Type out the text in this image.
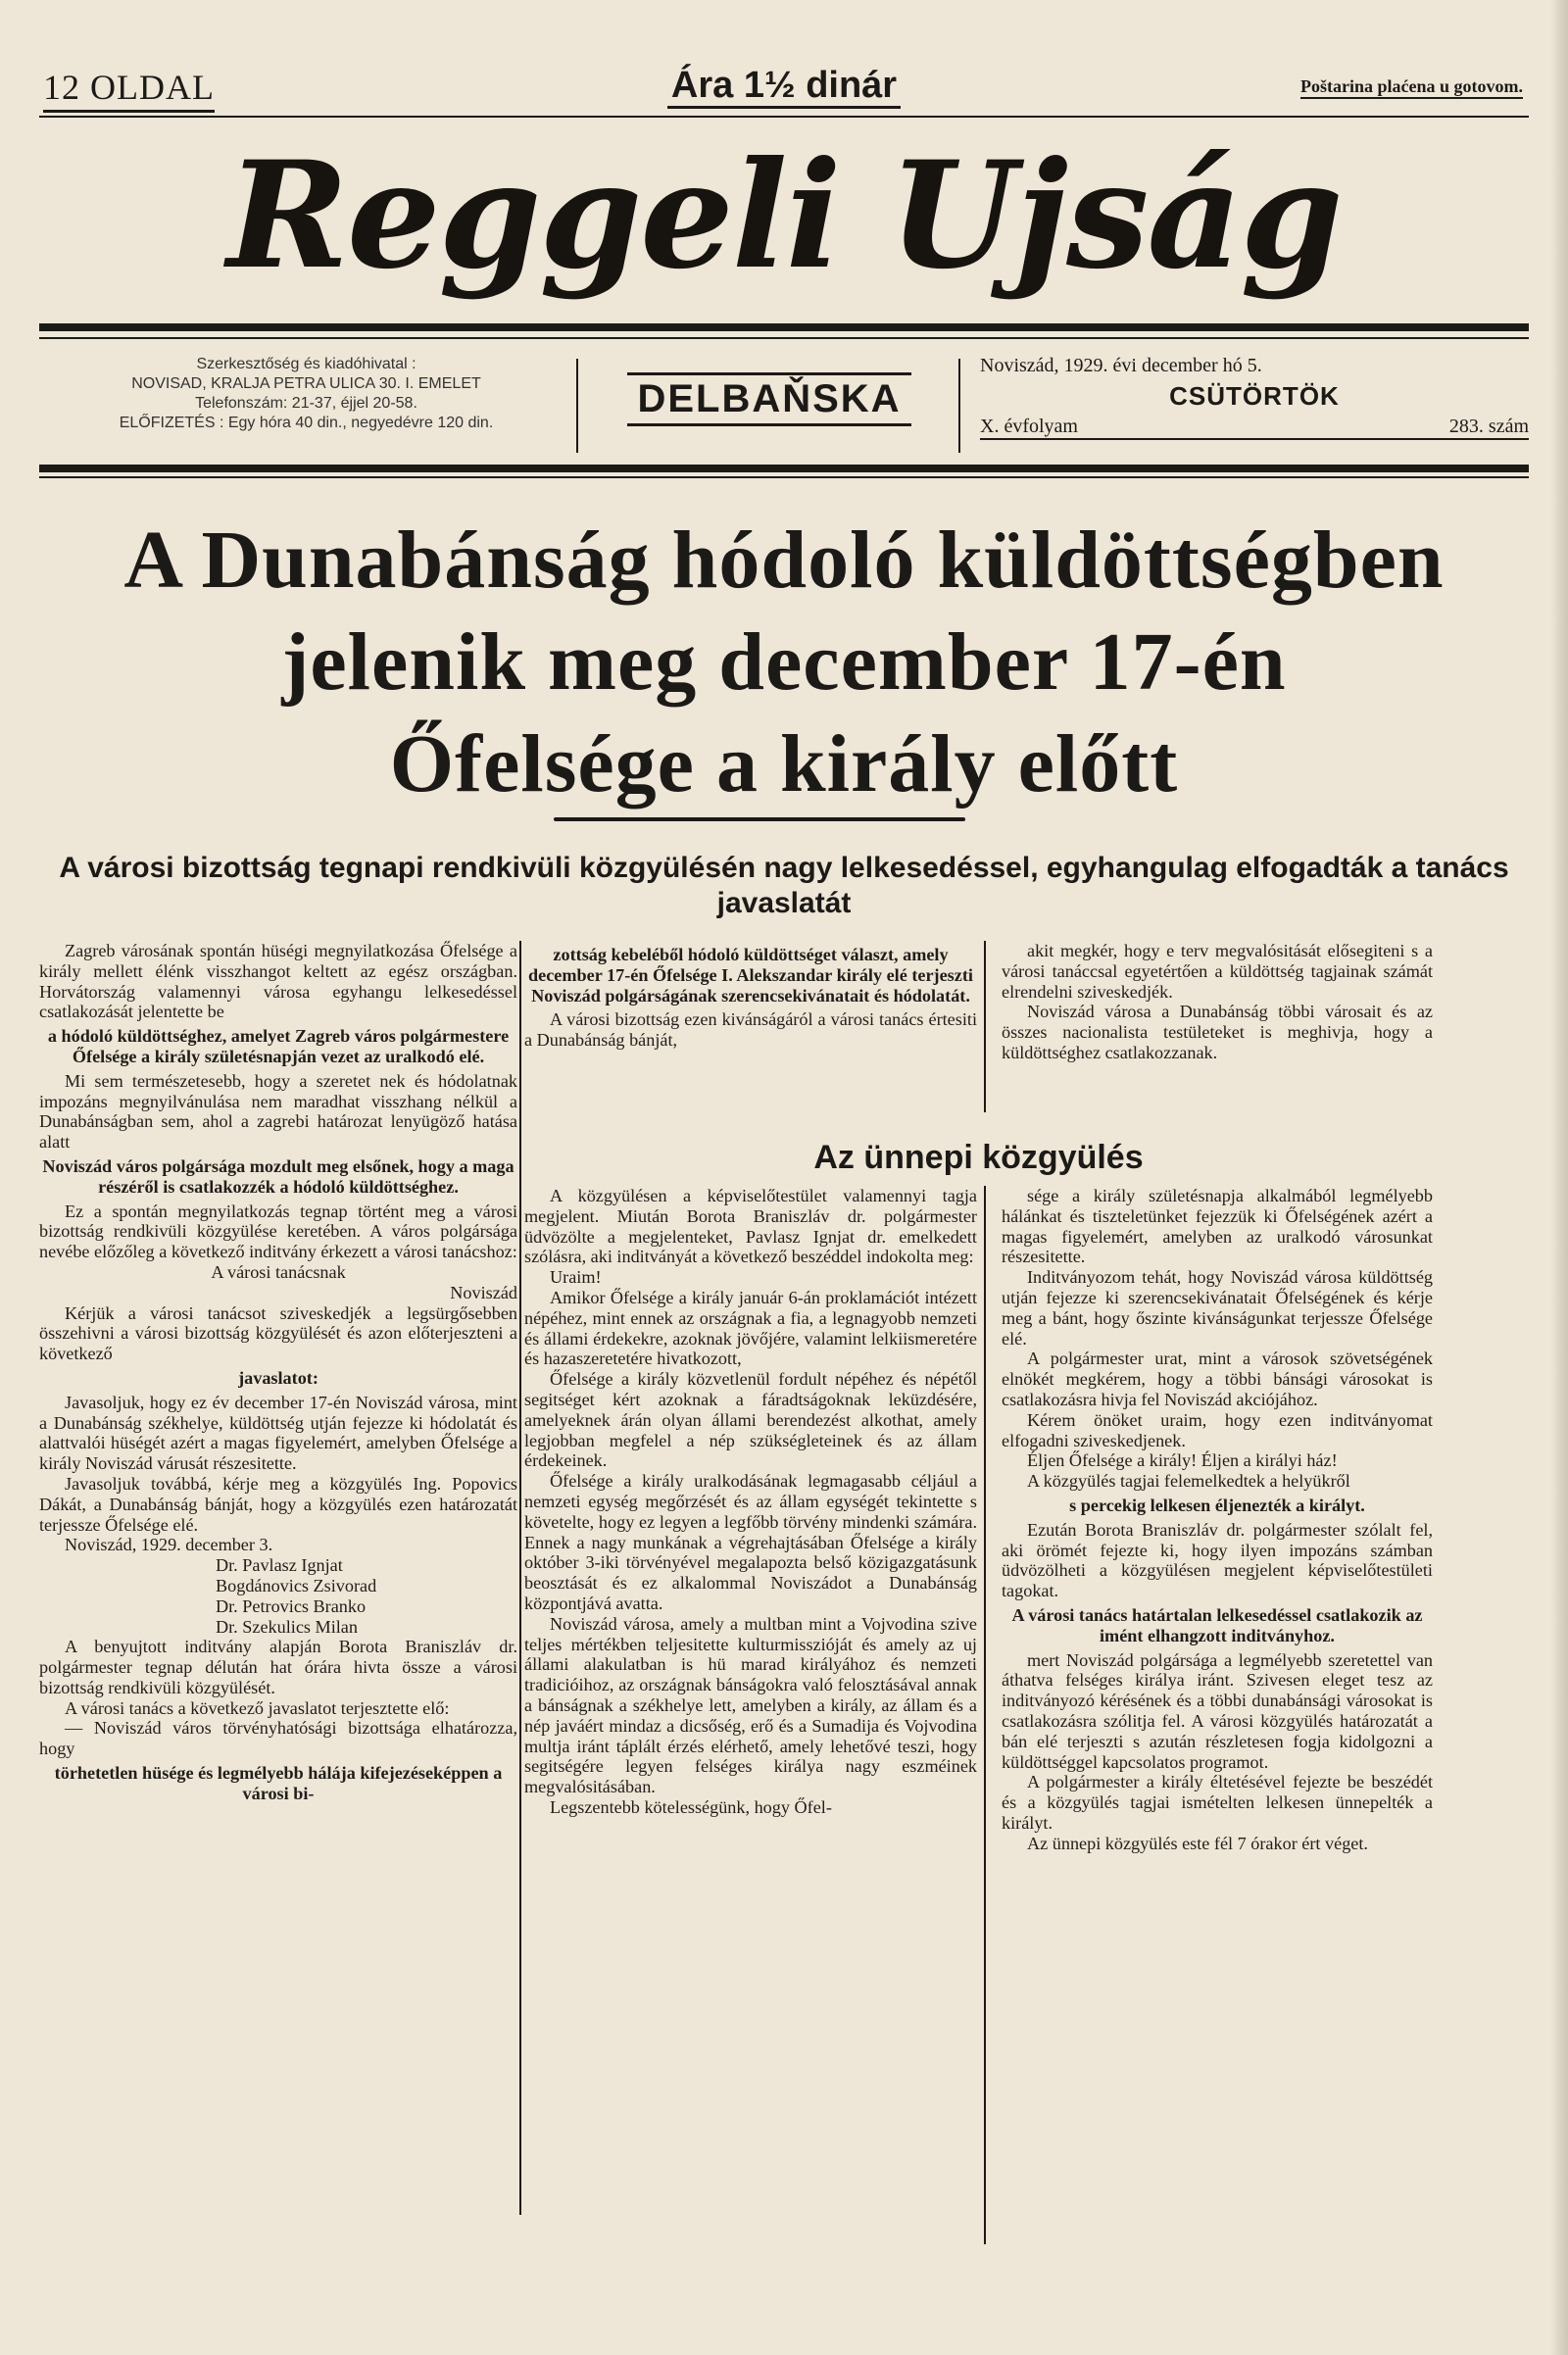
12 OLDAL	Ára 1½ dinár	Poštarina plaćena u gotovom.
Reggeli Ujság
Szerkesztőség és kiadóhivatal :
NOVISAD, KRALJA PETRA ULICA 30. I. EMELET
Telefonszám: 21-37, éjjel 20-58.
ELŐFIZETÉS : Egy hóra 40 din., negyedévre 120 din.
DELBAŇSKA
Noviszád, 1929. évi december hó 5.
CSÜTÖRTÖK
X. évfolyam	283. szám
A Dunabánság hódoló küldöttségben
jelenik meg december 17-én
Őfelsége a király előtt
A városi bizottság tegnapi rendkivüli közgyülésén nagy lelkesedéssel, egyhangulag elfogadták a tanács javaslatát

Zagreb városának spontán hüségi megnyilatkozása Őfelsége a király mellett élénk visszhangot keltett az egész országban. Horvátország valamennyi városa egyhangu lelkesedéssel csatlakozását jelentette be

a hódoló küldöttséghez, amelyet Zagreb város polgármestere Őfelsége a király születésnapján vezet az uralkodó elé.

Mi sem természetesebb, hogy a szeretet nek és hódolatnak impozáns megnyilvánulása nem maradhat visszhang nélkül a Dunabánságban sem, ahol a zagrebi határozat lenyügöző hatása alatt

Noviszád város polgársága mozdult meg elsőnek, hogy a maga részéről is csatlakozzék a hódoló küldöttséghez.

Ez a spontán megnyilatkozás tegnap történt meg a városi bizottság rendkivüli közgyülése keretében. A város polgársága nevébe előzőleg a következő inditvány érkezett a városi tanácshoz:

A városi tanácsnak

Noviszád

Kérjük a városi tanácsot sziveskedjék a legsürgősebben összehivni a városi bizottság közgyülését és azon előterjeszteni a következő

javaslatot:

Javasoljuk, hogy ez év december 17-én Noviszád városa, mint a Dunabánság székhelye, küldöttség utján fejezze ki hódolatát és alattvalói hüségét azért a magas figyelemért, amelyben Őfelsége a király Noviszád várusát részesitette.

Javasoljuk továbbá, kérje meg a közgyülés Ing. Popovics Dákát, a Dunabánság bánját, hogy a közgyülés ezen határozatát terjessze Őfelsége elé.

Noviszád, 1929. december 3.

Dr. Pavlasz Ignjat

Bogdánovics Zsivorad

Dr. Petrovics Branko

Dr. Szekulics Milan

A benyujtott inditvány alapján Borota Braniszláv dr. polgármester tegnap délután hat órára hivta össze a városi bizottság rendkivüli közgyülését.

A városi tanács a következő javaslatot terjesztette elő:

— Noviszád város törvényhatósági bizottsága elhatározza, hogy

törhetetlen hüsége és legmélyebb hálája kifejezéseképpen a városi bi-

zottság kebeléből hódoló küldöttséget választ, amely december 17-én Őfelsége I. Alekszandar király elé terjeszti Noviszád polgárságának szerencsekivánatait és hódolatát.

A városi bizottság ezen kivánságáról a városi tanács értesiti a Dunabánság bánját,

akit megkér, hogy e terv megvalósitását elősegiteni s a városi tanáccsal egyetértően a küldöttség tagjainak számát elrendelni sziveskedjék.

Noviszád városa a Dunabánság többi városait és az összes nacionalista testületeket is meghivja, hogy a küldöttséghez csatlakozzanak.

Az ünnepi közgyülés

A közgyülésen a képviselőtestület valamennyi tagja megjelent. Miután Borota Braniszláv dr. polgármester üdvözölte a megjelenteket, Pavlasz Ignjat dr. emelkedett szólásra, aki inditványát a következő beszéddel indokolta meg:

Uraim!

Amikor Őfelsége a király január 6-án proklamációt intézett népéhez, mint ennek az országnak a fia, a legnagyobb nemzeti és állami érdekekre, azoknak jövőjére, valamint lelkiismeretére és hazaszeretetére hivatkozott,

Őfelsége a király közvetlenül fordult népéhez és népétől segitséget kért azoknak a fáradtságoknak leküzdésére, amelyeknek árán olyan állami berendezést alkothat, amely legjobban megfelel a nép szükségleteinek és az állam érdekeinek.

Őfelsége a király uralkodásának legmagasabb céljául a nemzeti egység megőrzését és az állam egységét tekintette s követelte, hogy ez legyen a legfőbb törvény mindenki számára. Ennek a nagy munkának a végrehajtásában Őfelsége a király október 3-iki törvényével megalapozta belső közigazgatásunk beosztását és ez alkalommal Noviszádot a Dunabánság központjává avatta.

Noviszád városa, amely a multban mint a Vojvodina szive teljes mértékben teljesitette kulturmisszióját és amely az uj állami alakulatban is hü marad királyához és nemzeti tradicióihoz, az országnak bánságokra való felosztásával annak a bánságnak a székhelye lett, amelyben a király, az állam és a nép javáért mindaz a dicsőség, erő és a Sumadija és Vojvodina multja iránt táplált érzés elérhető, amely lehetővé teszi, hogy segitségére legyen felséges királya nagy eszméinek megvalósitásában.

Legszentebb kötelességünk, hogy Őfel-

sége a király születésnapja alkalmából legmélyebb hálánkat és tiszteletünket fejezzük ki Őfelségének azért a magas figyelemért, amelyben az uralkodó városunkat részesitette.

Inditványozom tehát, hogy Noviszád városa küldöttség utján fejezze ki szerencsekivánatait Őfelségének és kérje meg a bánt, hogy őszinte kivánságunkat terjessze Őfelsége elé.

A polgármester urat, mint a városok szövetségének elnökét megkérem, hogy a többi bánsági városokat is csatlakozásra hivja fel Noviszád akciójához.

Kérem önöket uraim, hogy ezen inditványomat elfogadni sziveskedjenek.

Éljen Őfelsége a király! Éljen a királyi ház!

A közgyülés tagjai felemelkedtek a helyükről

s percekig lelkesen éljenezték a királyt.

Ezután Borota Braniszláv dr. polgármester szólalt fel, aki örömét fejezte ki, hogy ilyen impozáns számban üdvözölheti a közgyülésen megjelent képviselőtestületi tagokat.

A városi tanács határtalan lelkesedéssel csatlakozik az imént elhangzott inditványhoz.

mert Noviszád polgársága a legmélyebb szeretettel van áthatva felséges királya iránt. Szivesen eleget tesz az inditványozó kérésének és a többi dunabánsági városokat is csatlakozásra szólitja fel. A városi közgyülés határozatát a bán elé terjeszti s azután részletesen fogja kidolgozni a küldöttséggel kapcsolatos programot.

A polgármester a király éltetésével fejezte be beszédét és a közgyülés tagjai ismételten lelkesen ünnepelték a királyt.

Az ünnepi közgyülés este fél 7 órakor ért véget.
